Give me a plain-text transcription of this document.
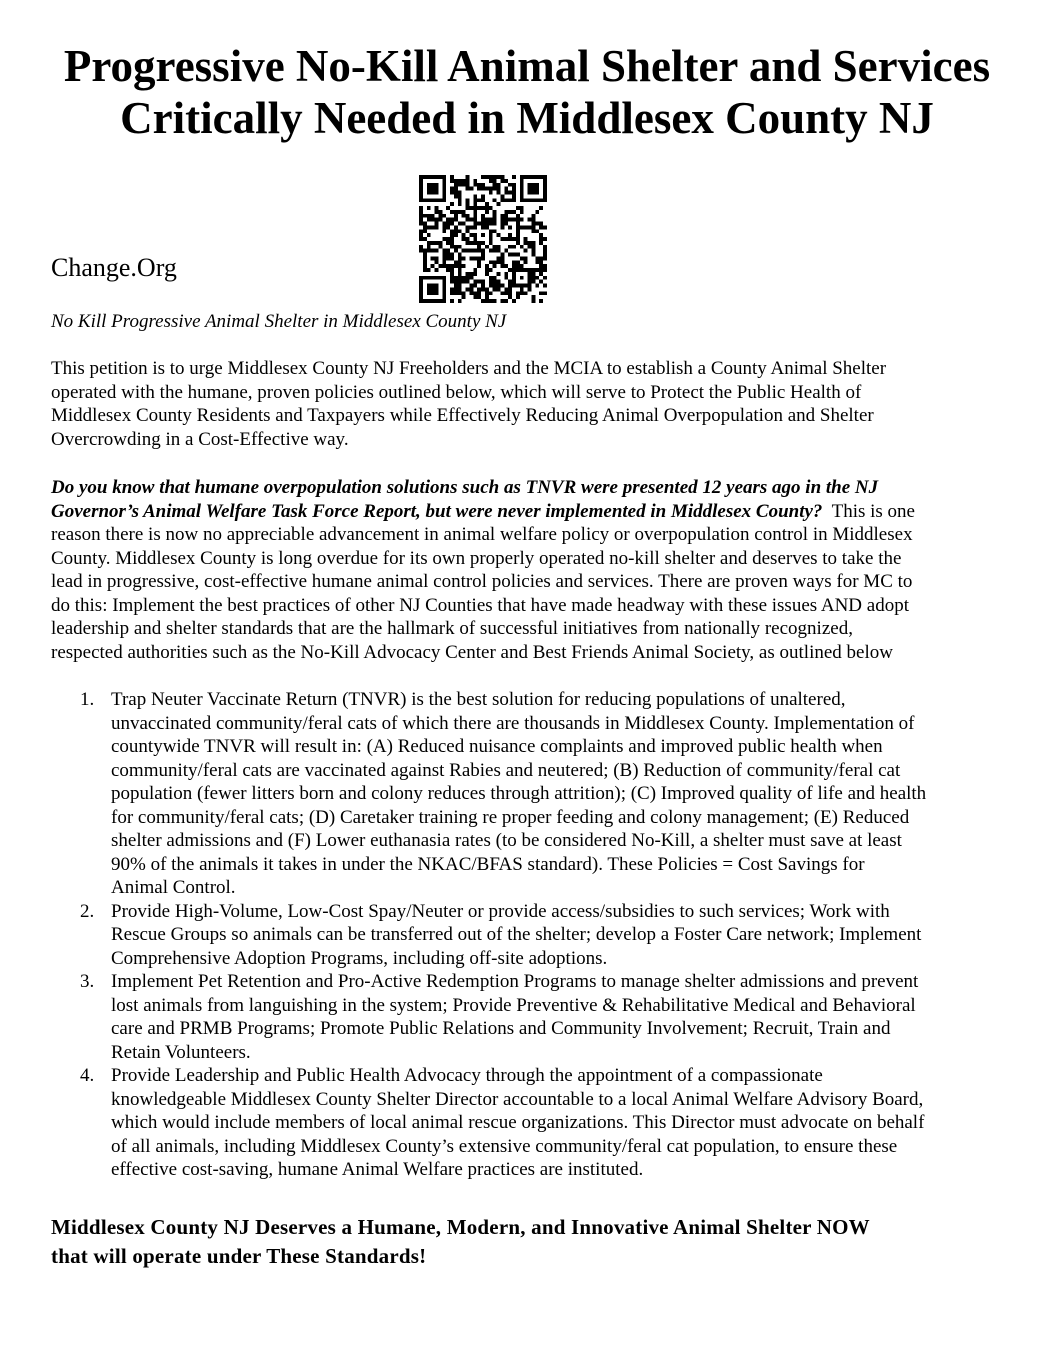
Progressive No-Kill Animal Shelter and Services
Critically Needed in Middlesex County NJ
Change.Org
No Kill Progressive Animal Shelter in Middlesex County NJ
This petition is to urge Middlesex County NJ Freeholders and the MCIA to establish a County Animal Shelter
operated with the humane, proven policies outlined below, which will serve to Protect the Public Health of
Middlesex County Residents and Taxpayers while Effectively Reducing Animal Overpopulation and Shelter
Overcrowding in a Cost-Effective way.
Do you know that humane overpopulation solutions such as TNVR were presented 12 years ago in the NJ
Governor’s Animal Welfare Task Force Report, but were never implemented in Middlesex County?  This is one
reason there is now no appreciable advancement in animal welfare policy or overpopulation control in Middlesex
County. Middlesex County is long overdue for its own properly operated no-kill shelter and deserves to take the
lead in progressive, cost-effective humane animal control policies and services. There are proven ways for MC to
do this: Implement the best practices of other NJ Counties that have made headway with these issues AND adopt
leadership and shelter standards that are the hallmark of successful initiatives from nationally recognized,
respected authorities such as the No-Kill Advocacy Center and Best Friends Animal Society, as outlined below
1. Trap Neuter Vaccinate Return (TNVR) is the best solution for reducing populations of unaltered,
unvaccinated community/feral cats of which there are thousands in Middlesex County. Implementation of
countywide TNVR will result in: (A) Reduced nuisance complaints and improved public health when
community/feral cats are vaccinated against Rabies and neutered; (B) Reduction of community/feral cat
population (fewer litters born and colony reduces through attrition); (C) Improved quality of life and health
for community/feral cats; (D) Caretaker training re proper feeding and colony management; (E) Reduced
shelter admissions and (F) Lower euthanasia rates (to be considered No-Kill, a shelter must save at least
90% of the animals it takes in under the NKAC/BFAS standard). These Policies = Cost Savings for
Animal Control.
2. Provide High-Volume, Low-Cost Spay/Neuter or provide access/subsidies to such services; Work with
Rescue Groups so animals can be transferred out of the shelter; develop a Foster Care network; Implement
Comprehensive Adoption Programs, including off-site adoptions.
3. Implement Pet Retention and Pro-Active Redemption Programs to manage shelter admissions and prevent
lost animals from languishing in the system; Provide Preventive & Rehabilitative Medical and Behavioral
care and PRMB Programs; Promote Public Relations and Community Involvement; Recruit, Train and
Retain Volunteers.
4. Provide Leadership and Public Health Advocacy through the appointment of a compassionate
knowledgeable Middlesex County Shelter Director accountable to a local Animal Welfare Advisory Board,
which would include members of local animal rescue organizations. This Director must advocate on behalf
of all animals, including Middlesex County’s extensive community/feral cat population, to ensure these
effective cost-saving, humane Animal Welfare practices are instituted.
Middlesex County NJ Deserves a Humane, Modern, and Innovative Animal Shelter NOW
that will operate under These Standards!
